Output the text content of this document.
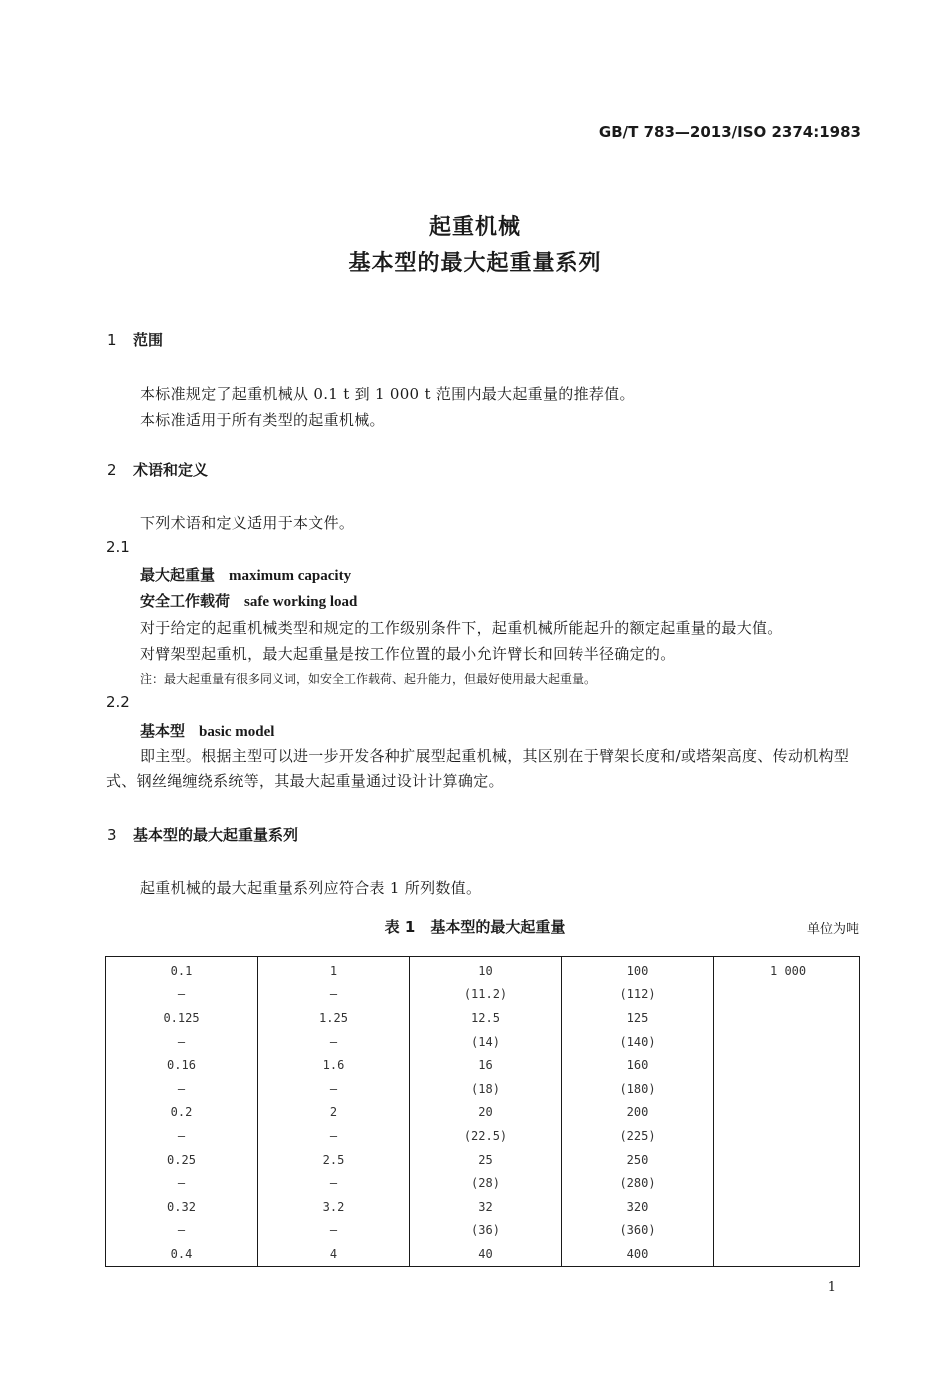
GB/T 783—2013/ISO 2374:1983
起重机械
基本型的最大起重量系列
1 范围
本标准规定了起重机械从 0.1 t 到 1 000 t 范围内最大起重量的推荐值。
本标准适用于所有类型的起重机械。
2 术语和定义
下列术语和定义适用于本文件。
2.1
最大起重量 maximum capacity
安全工作载荷 safe working load
对于给定的起重机械类型和规定的工作级别条件下，起重机械所能起升的额定起重量的最大值。
对臂架型起重机，最大起重量是按工作位置的最小允许臂长和回转半径确定的。
注：最大起重量有很多同义词，如安全工作载荷、起升能力，但最好使用最大起重量。
2.2
基本型 basic model
即主型。根据主型可以进一步开发各种扩展型起重机械，其区别在于臂架长度和/或塔架高度、传动机构型式、钢丝绳缠绕系统等，其最大起重量通过设计计算确定。
3 基本型的最大起重量系列
起重机械的最大起重量系列应符合表 1 所列数值。
表 1　基本型的最大起重量	单位为吨
0.1	1	10	100	1 000
—	—	(11.2)	(112)	
0.125	1.25	12.5	125	
—	—	(14)	(140)	
0.16	1.6	16	160	
—	—	(18)	(180)	
0.2	2	20	200	
—	—	(22.5)	(225)	
0.25	2.5	25	250	
—	—	(28)	(280)	
0.32	3.2	32	320	
—	—	(36)	(360)	
0.4	4	40	400	
1
